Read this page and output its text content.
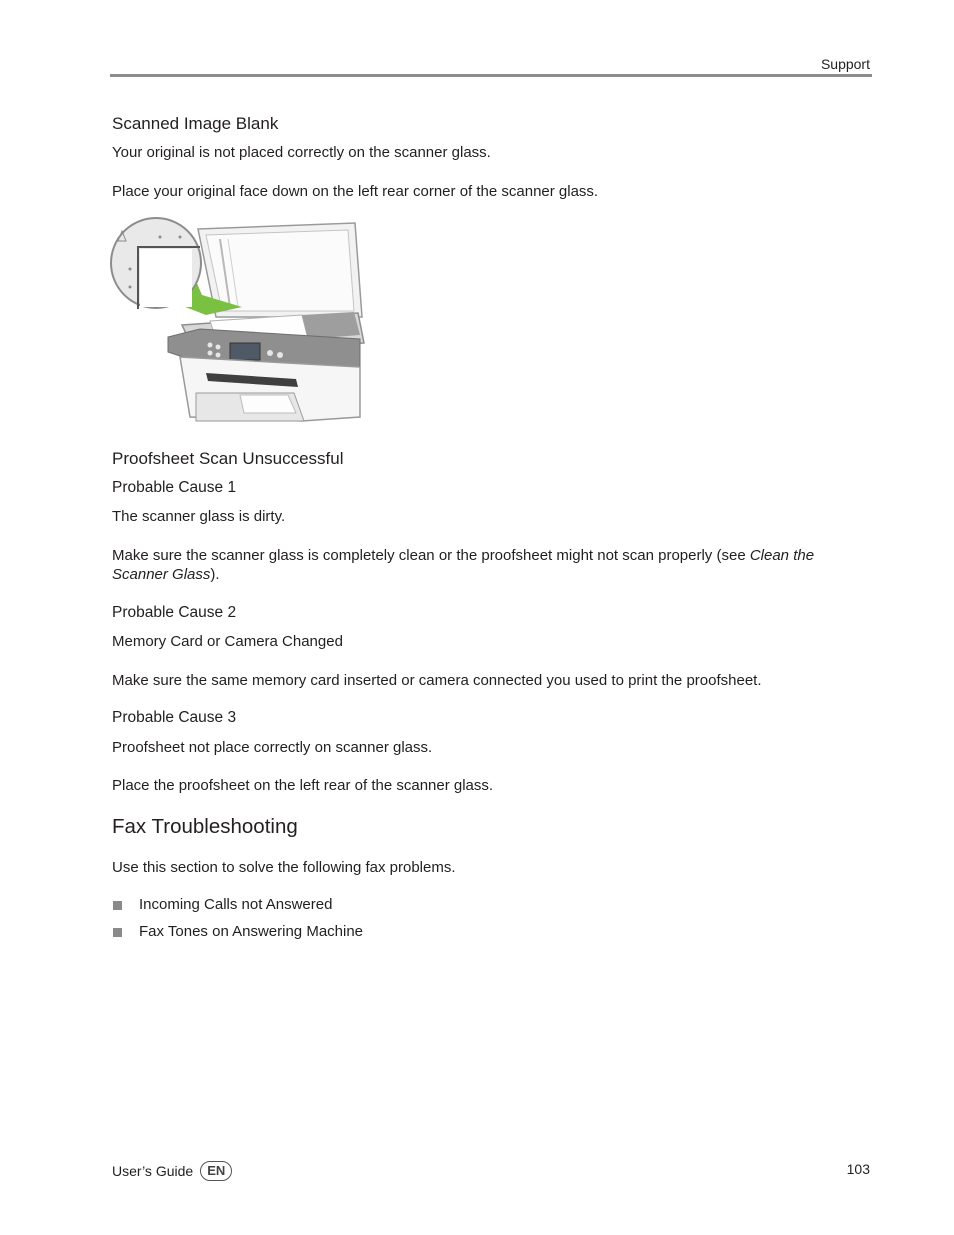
Support
Scanned Image Blank
Your original is not placed correctly on the scanner glass.
Place your original face down on the left rear corner of the scanner glass.
Proofsheet Scan Unsuccessful
Probable Cause 1
The scanner glass is dirty.
Make sure the scanner glass is completely clean or the proofsheet might not scan properly (see Clean the Scanner Glass).
Probable Cause 2
Memory Card or Camera Changed
Make sure the same memory card inserted or camera connected you used to print the proofsheet.
Probable Cause 3
Proofsheet not place correctly on scanner glass.
Place the proofsheet on the left rear of the scanner glass.
Fax Troubleshooting
Use this section to solve the following fax problems.
Incoming Calls not Answered
Fax Tones on Answering Machine
User’s Guide	EN	103
